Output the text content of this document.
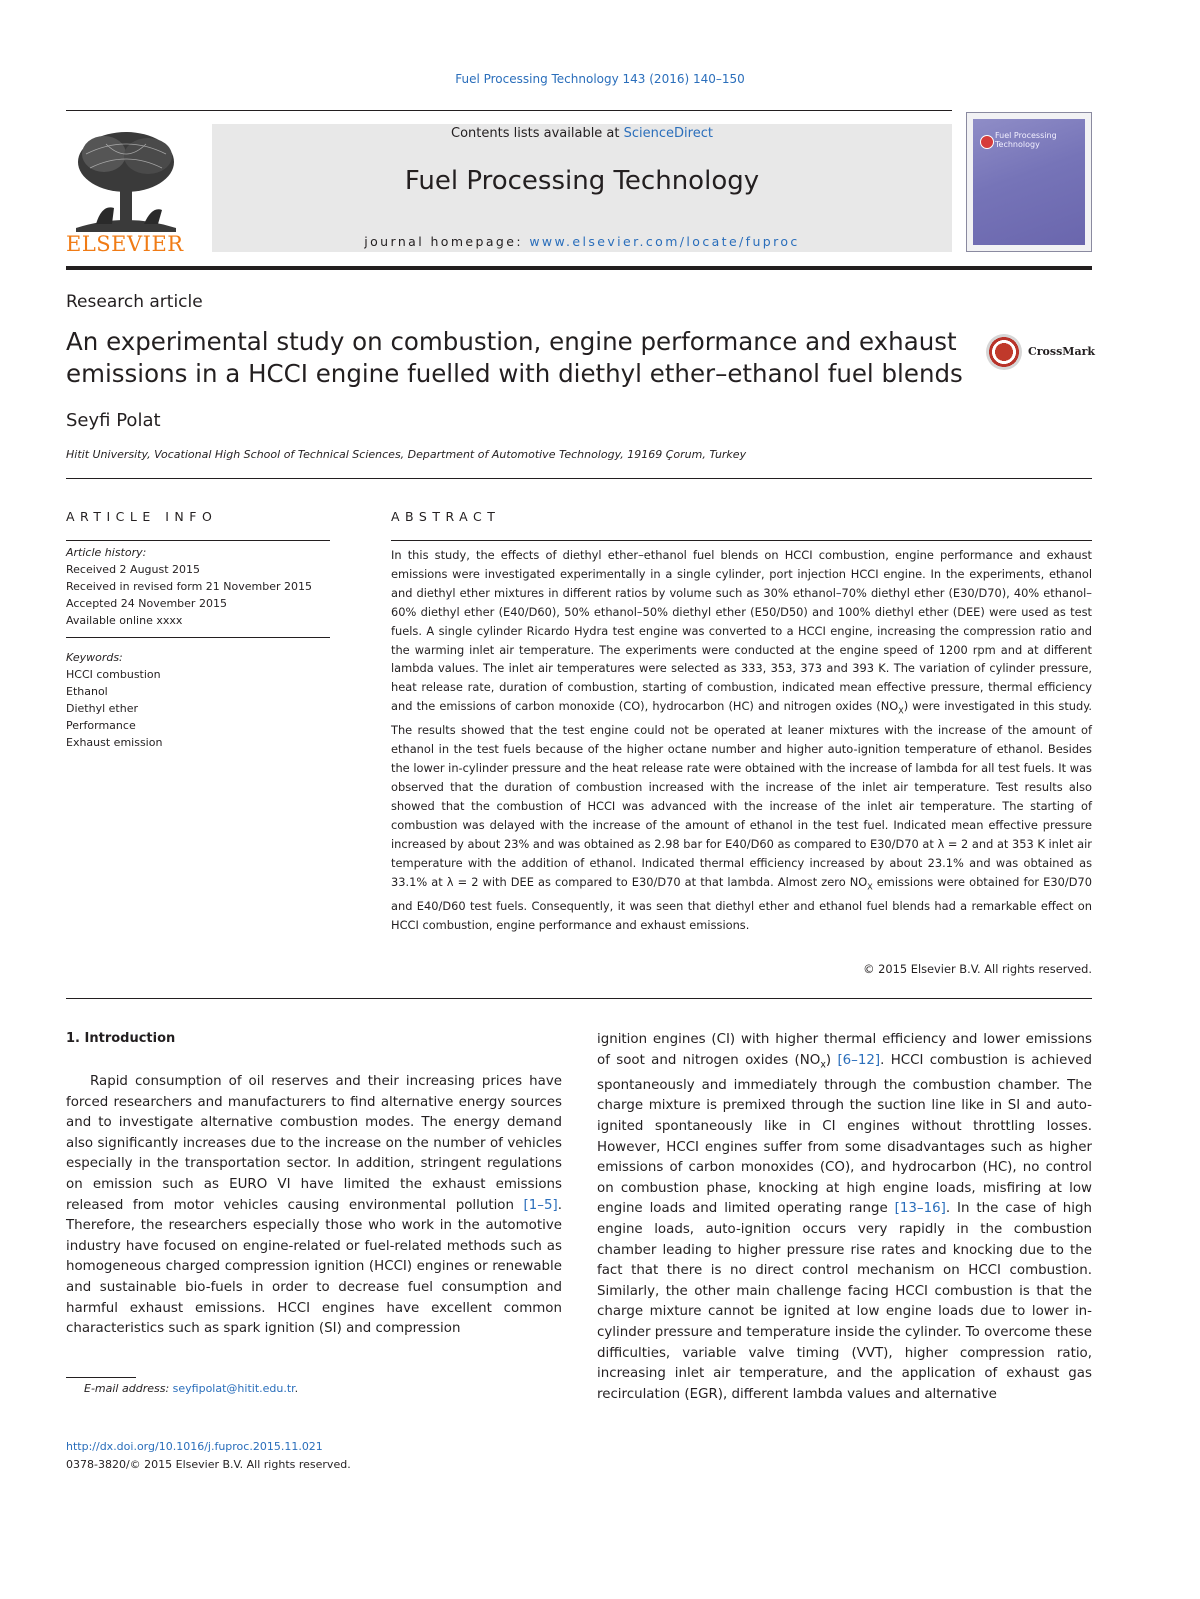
Fuel Processing Technology 143 (2016) 140–150
ELSEVIER
Contents lists available at ScienceDirect
Fuel Processing Technology
journal homepage: www.elsevier.com/locate/fuproc
Fuel Processing Technology
Research article
An experimental study on combustion, engine performance and exhaust emissions in a HCCI engine fuelled with diethyl ether–ethanol fuel blends
CrossMark
Seyfi Polat
Hitit University, Vocational High School of Technical Sciences, Department of Automotive Technology, 19169 Çorum, Turkey
ARTICLE INFO
Article history:
Received 2 August 2015
Received in revised form 21 November 2015
Accepted 24 November 2015
Available online xxxx
Keywords:
HCCI combustion
Ethanol
Diethyl ether
Performance
Exhaust emission
ABSTRACT
In this study, the effects of diethyl ether–ethanol fuel blends on HCCI combustion, engine performance and exhaust emissions were investigated experimentally in a single cylinder, port injection HCCI engine. In the experiments, ethanol and diethyl ether mixtures in different ratios by volume such as 30% ethanol–70% diethyl ether (E30/D70), 40% ethanol–60% diethyl ether (E40/D60), 50% ethanol–50% diethyl ether (E50/D50) and 100% diethyl ether (DEE) were used as test fuels. A single cylinder Ricardo Hydra test engine was converted to a HCCI engine, increasing the compression ratio and the warming inlet air temperature. The experiments were conducted at the engine speed of 1200 rpm and at different lambda values. The inlet air temperatures were selected as 333, 353, 373 and 393 K. The variation of cylinder pressure, heat release rate, duration of combustion, starting of combustion, indicated mean effective pressure, thermal efficiency and the emissions of carbon monoxide (CO), hydrocarbon (HC) and nitrogen oxides $(NO_X)$ were investigated in this study. The results showed that the test engine could not be operated at leaner mixtures with the increase of the amount of ethanol in the test fuels because of the higher octane number and higher auto-ignition temperature of ethanol. Besides the lower in-cylinder pressure and the heat release rate were obtained with the increase of lambda for all test fuels. It was observed that the duration of combustion increased with the increase of the inlet air temperature. Test results also showed that the combustion of HCCI was advanced with the increase of the inlet air temperature. The starting of combustion was delayed with the increase of the amount of ethanol in the test fuel. Indicated mean effective pressure increased by about 23% and was obtained as 2.98 bar for E40/D60 as compared to E30/D70 at λ = 2 and at 353 K inlet air temperature with the addition of ethanol. Indicated thermal efficiency increased by about 23.1% and was obtained as 33.1% at λ = 2 with DEE as compared to E30/D70 at that lambda. Almost zero $NO_X$ emissions were obtained for E30/D70 and E40/D60 test fuels. Consequently, it was seen that diethyl ether and ethanol fuel blends had a remarkable effect on HCCI combustion, engine performance and exhaust emissions.
© 2015 Elsevier B.V. All rights reserved.
1. Introduction
Rapid consumption of oil reserves and their increasing prices have forced researchers and manufacturers to find alternative energy sources and to investigate alternative combustion modes. The energy demand also significantly increases due to the increase on the number of vehicles especially in the transportation sector. In addition, stringent regulations on emission such as EURO VI have limited the exhaust emissions released from motor vehicles causing environmental pollution [1–5]. Therefore, the researchers especially those who work in the automotive industry have focused on engine-related or fuel-related methods such as homogeneous charged compression ignition (HCCI) engines or renewable and sustainable bio-fuels in order to decrease fuel consumption and harmful exhaust emissions. HCCI engines have excellent common characteristics such as spark ignition (SI) and compression
ignition engines (CI) with higher thermal efficiency and lower emissions of soot and nitrogen oxides $(NO_x)$ [6–12]. HCCI combustion is achieved spontaneously and immediately through the combustion chamber. The charge mixture is premixed through the suction line like in SI and auto-ignited spontaneously like in CI engines without throttling losses. However, HCCI engines suffer from some disadvantages such as higher emissions of carbon monoxides (CO), and hydrocarbon (HC), no control on combustion phase, knocking at high engine loads, misfiring at low engine loads and limited operating range [13–16]. In the case of high engine loads, auto-ignition occurs very rapidly in the combustion chamber leading to higher pressure rise rates and knocking due to the fact that there is no direct control mechanism on HCCI combustion. Similarly, the other main challenge facing HCCI combustion is that the charge mixture cannot be ignited at low engine loads due to lower in-cylinder pressure and temperature inside the cylinder. To overcome these difficulties, variable valve timing (VVT), higher compression ratio, increasing inlet air temperature, and the application of exhaust gas recirculation (EGR), different lambda values and alternative
E-mail address: seyfipolat@hitit.edu.tr.
http://dx.doi.org/10.1016/j.fuproc.2015.11.021
0378-3820/© 2015 Elsevier B.V. All rights reserved.
